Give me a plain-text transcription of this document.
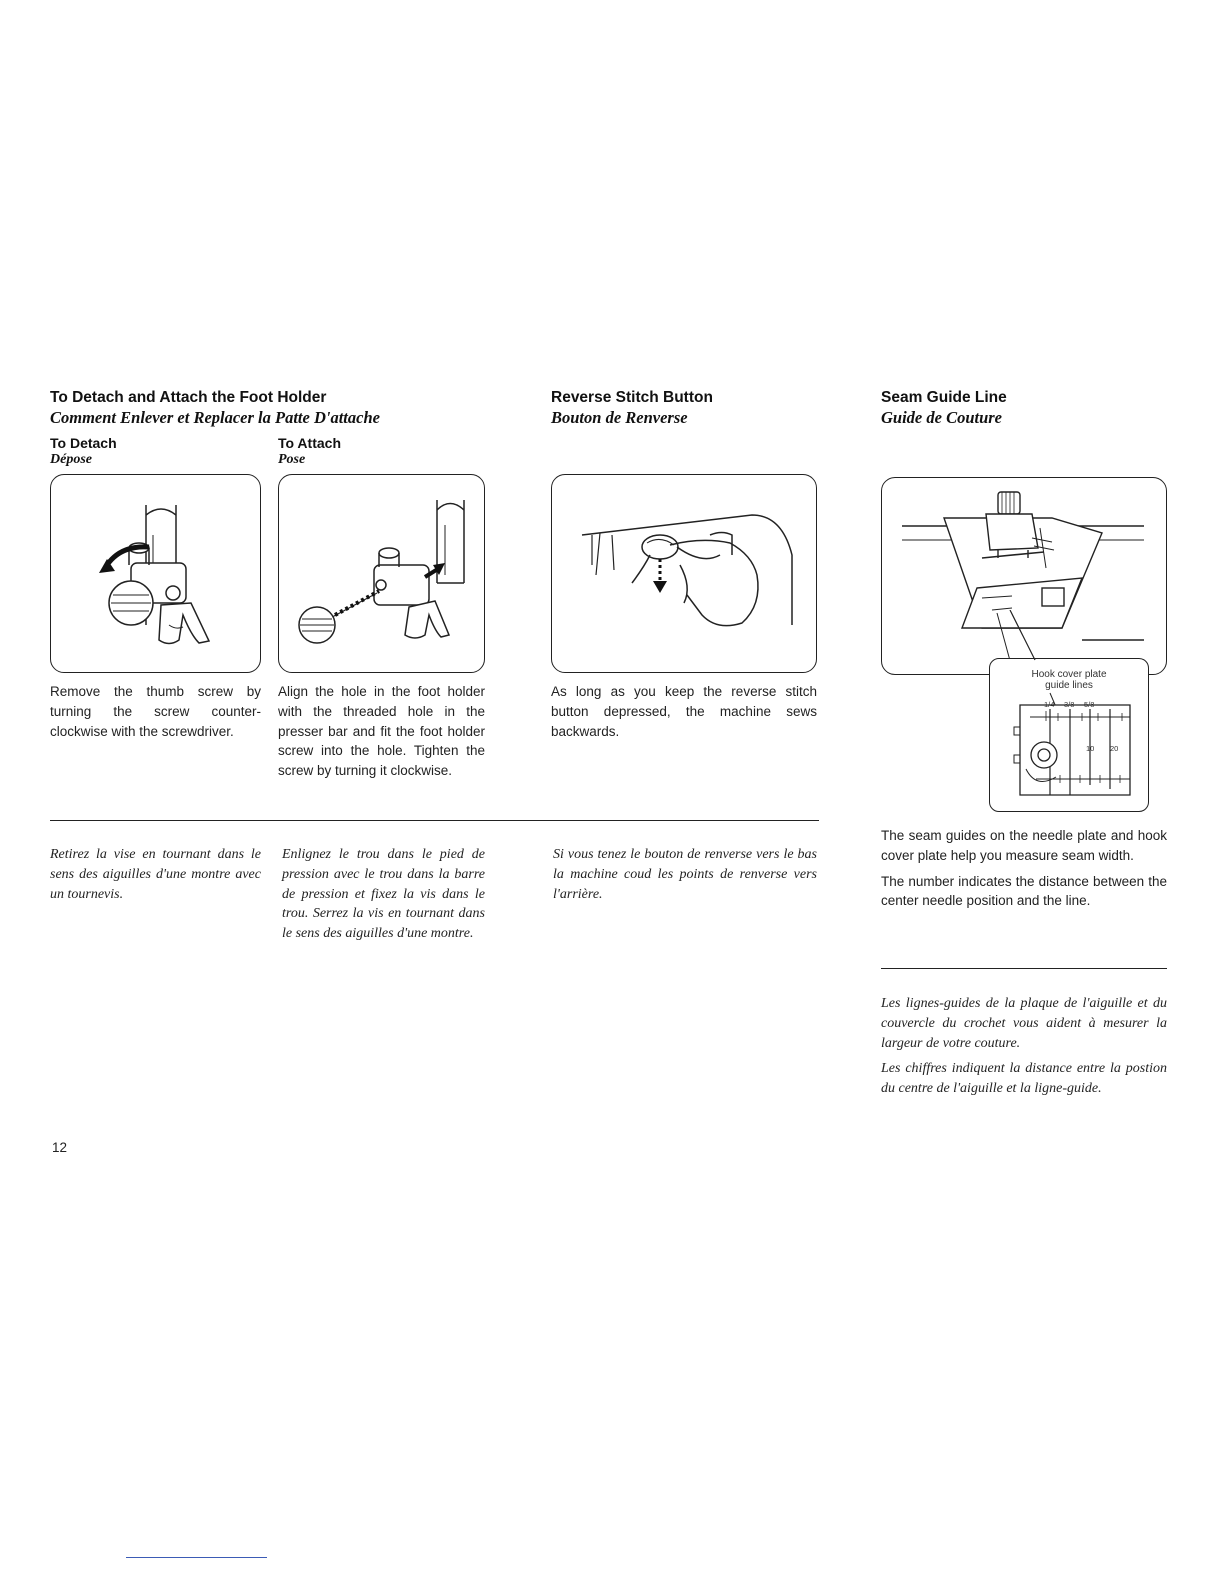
To Detach and Attach the Foot Holder
Comment Enlever et Replacer la Patte D'attache
To Detach
Dépose
To Attach
Pose

Remove the thumb screw by turning the screw counter-clockwise with the screwdriver.

Align the hole in the foot holder with the threaded hole in the presser bar and fit the foot holder screw into the hole. Tighten the screw by turning it clockwise.

Retirez la vise en tournant dans le sens des aiguilles d'une montre avec un tournevis.

Enlignez le trou dans le pied de pression avec le trou dans la barre de pression et fixez la vis dans le trou. Serrez la vis en tournant dans le sens des aiguilles d'une montre.

Reverse Stitch Button
Bouton de Renverse

As long as you keep the reverse stitch button depressed, the machine sews backwards.

Si vous tenez le bouton de renverse vers le bas la machine coud les points de renverse vers l'arrière.

Seam Guide Line
Guide de Couture
Hook cover plate
guide lines
1/4 3/8 5/8
10 20

The seam guides on the needle plate and hook cover plate help you measure seam width.

The number indicates the distance between the center needle position and the line.

Les lignes-guides de la plaque de l'aiguille et du couvercle du crochet vous aident à mesurer la largeur de votre couture.

Les chiffres indiquent la distance entre la postion du centre de l'aiguille et la ligne-guide.

12
